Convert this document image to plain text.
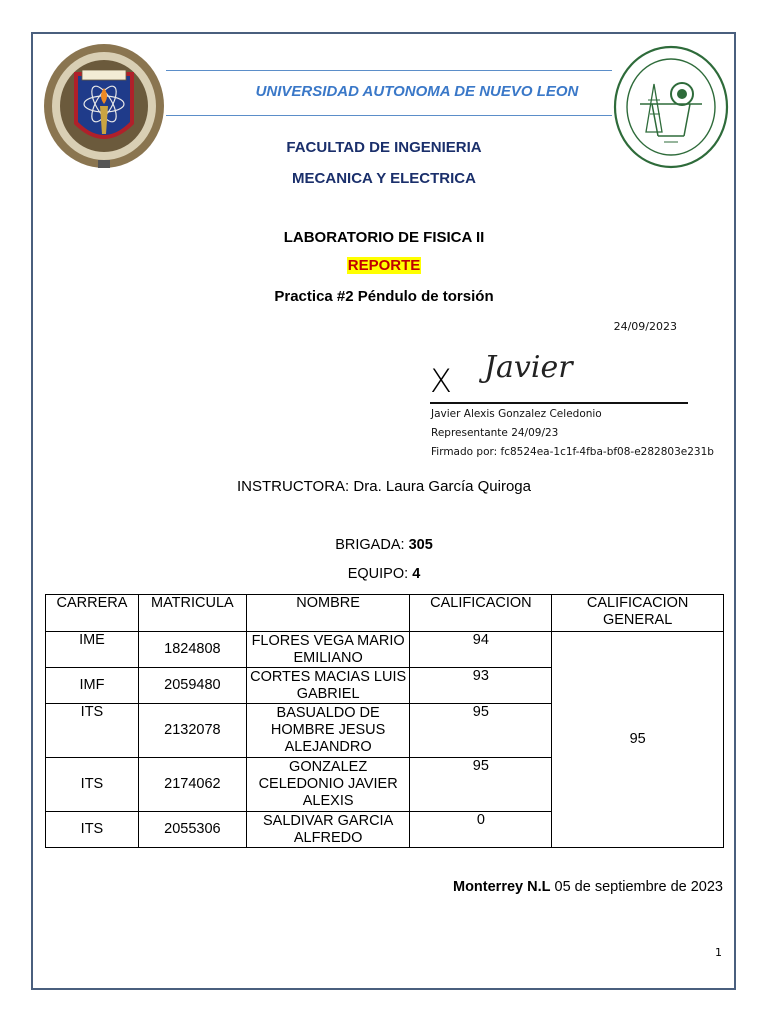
UNIVERSIDAD AUTONOMA DE NUEVO LEON
FACULTAD DE INGENIERIA
MECANICA Y ELECTRICA
LABORATORIO DE FISICA II
REPORTE
Practica #2 Péndulo de torsión
24/09/2023
X Javier
Javier Alexis Gonzalez Celedonio
Representante 24/09/23
Firmado por: fc8524ea-1c1f-4fba-bf08-e282803e231b
INSTRUCTORA: Dra. Laura García Quiroga
BRIGADA: 305
EQUIPO: 4
CARRERA	MATRICULA	NOMBRE	CALIFICACION	CALIFICACION GENERAL
IME	1824808	FLORES VEGA MARIO EMILIANO	94	95
IMF	2059480	CORTES MACIAS LUIS GABRIEL	93	
ITS	2132078	BASUALDO DE HOMBRE JESUS ALEJANDRO	95	
ITS	2174062	GONZALEZ CELEDONIO JAVIER ALEXIS	95	
ITS	2055306	SALDIVAR GARCIA ALFREDO	0	
Monterrey N.L 05 de septiembre de 2023
1
